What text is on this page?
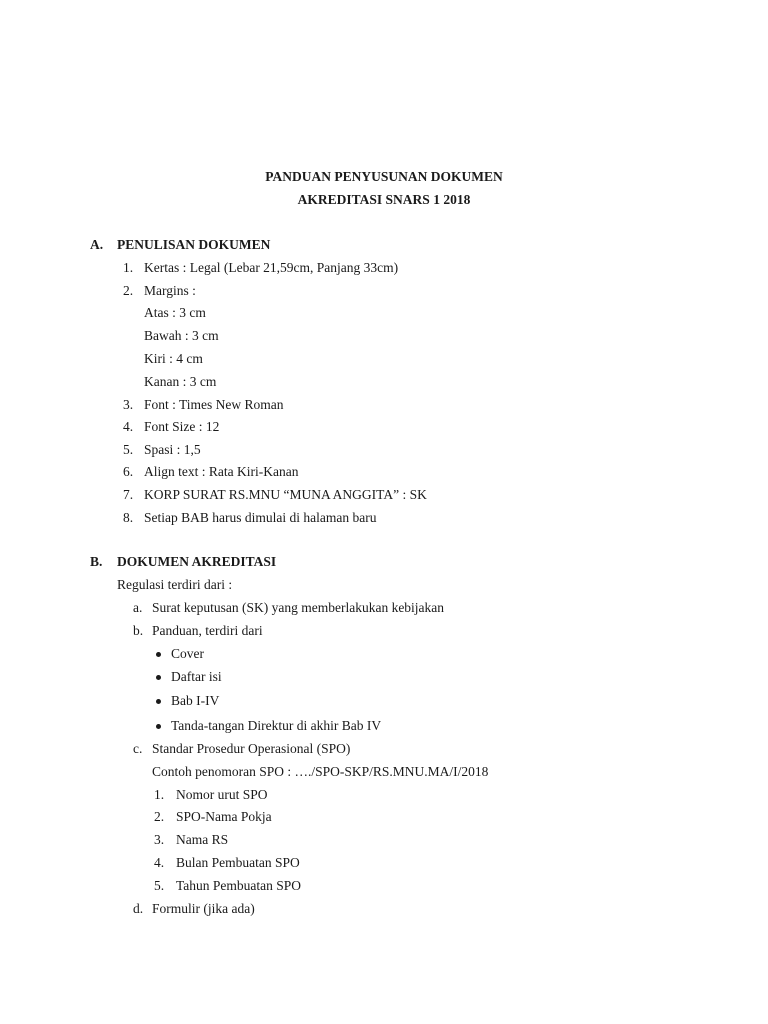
PANDUAN PENYUSUNAN DOKUMEN
AKREDITASI SNARS 1 2018
A. PENULISAN DOKUMEN
1. Kertas : Legal (Lebar 21,59cm, Panjang 33cm)
2. Margins :
Atas : 3 cm
Bawah : 3 cm
Kiri : 4 cm
Kanan : 3 cm
3. Font : Times New Roman
4. Font Size : 12
5. Spasi : 1,5
6. Align text : Rata Kiri-Kanan
7. KORP SURAT RS.MNU “MUNA ANGGITA” : SK
8. Setiap BAB harus dimulai di halaman baru
B. DOKUMEN AKREDITASI
Regulasi terdiri dari :
a. Surat keputusan (SK) yang memberlakukan kebijakan
b. Panduan, terdiri dari
Cover
Daftar isi
Bab I-IV
Tanda-tangan Direktur di akhir Bab IV
c. Standar Prosedur Operasional (SPO)
Contoh penomoran SPO : …./SPO-SKP/RS.MNU.MA/I/2018
1. Nomor urut SPO
2. SPO-Nama Pokja
3. Nama RS
4. Bulan Pembuatan SPO
5. Tahun Pembuatan SPO
d. Formulir (jika ada)
